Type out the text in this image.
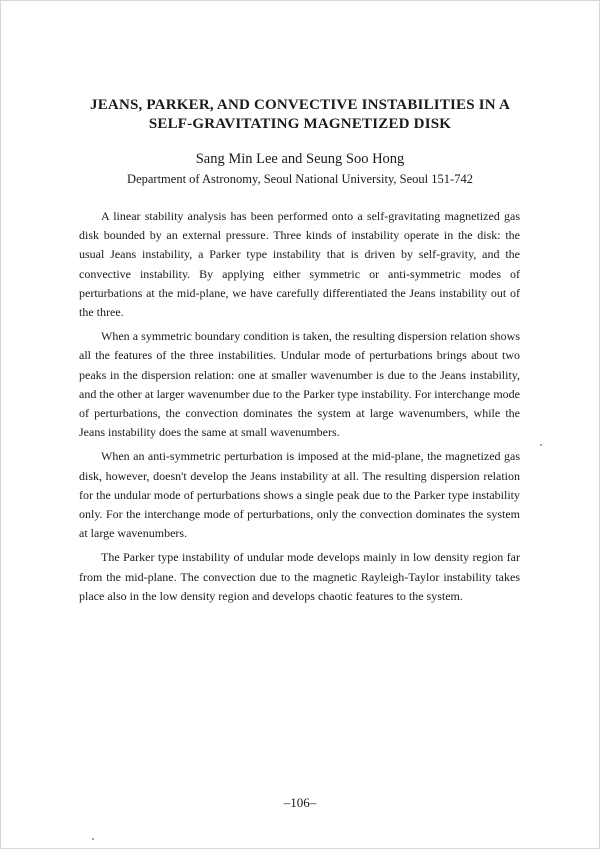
JEANS, PARKER, AND CONVECTIVE INSTABILITIES IN A
SELF-GRAVITATING MAGNETIZED DISK
Sang Min Lee and Seung Soo Hong
Department of Astronomy, Seoul National University, Seoul 151-742

A linear stability analysis has been performed onto a self-gravitating magnetized gas disk bounded by an external pressure. Three kinds of instability operate in the disk: the usual Jeans instability, a Parker type instability that is driven by self-gravity, and the convective instability. By applying either symmetric or anti-symmetric modes of perturbations at the mid-plane, we have carefully differentiated the Jeans instability out of the three.

When a symmetric boundary condition is taken, the resulting dispersion relation shows all the features of the three instabilities. Undular mode of perturbations brings about two peaks in the dispersion relation: one at smaller wavenumber is due to the Jeans instability, and the other at larger wavenumber due to the Parker type instability. For interchange mode of perturbations, the convection dominates the system at large wavenumbers, while the Jeans instability does the same at small wavenumbers.

When an anti-symmetric perturbation is imposed at the mid-plane, the magnetized gas disk, however, doesn't develop the Jeans instability at all. The resulting dispersion relation for the undular mode of perturbations shows a single peak due to the Parker type instability only. For the interchange mode of perturbations, only the convection dominates the system at large wavenumbers.

The Parker type instability of undular mode develops mainly in low density region far from the mid-plane. The convection due to the magnetic Rayleigh-Taylor instability takes place also in the low density region and develops chaotic features to the system.

–106–
